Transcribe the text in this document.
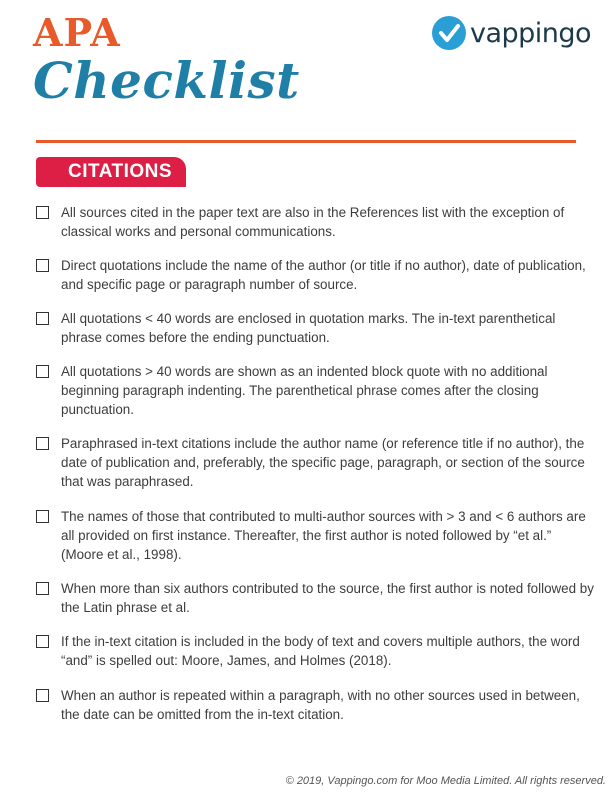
APA
Checklist
vappingo
CITATIONS
All sources cited in the paper text are also in the References list with the exception of classical works and personal communications.
Direct quotations include the name of the author (or title if no author), date of publication, and specific page or paragraph number of source.
All quotations < 40 words are enclosed in quotation marks. The in-text parenthetical phrase comes before the ending punctuation.
All quotations > 40 words are shown as an indented block quote with no additional beginning paragraph indenting. The parenthetical phrase comes after the closing punctuation.
Paraphrased in-text citations include the author name (or reference title if no author), the date of publication and, preferably, the specific page, paragraph, or section of the source that was paraphrased.
The names of those that contributed to multi-author sources with > 3 and < 6 authors are all provided on first instance. Thereafter, the first author is noted followed by “et al.” (Moore et al., 1998).
When more than six authors contributed to the source, the first author is noted followed by the Latin phrase et al.
If the in-text citation is included in the body of text and covers multiple authors, the word “and” is spelled out: Moore, James, and Holmes (2018).
When an author is repeated within a paragraph, with no other sources used in between, the date can be omitted from the in-text citation.
© 2019, Vappingo.com for Moo Media Limited. All rights reserved.
